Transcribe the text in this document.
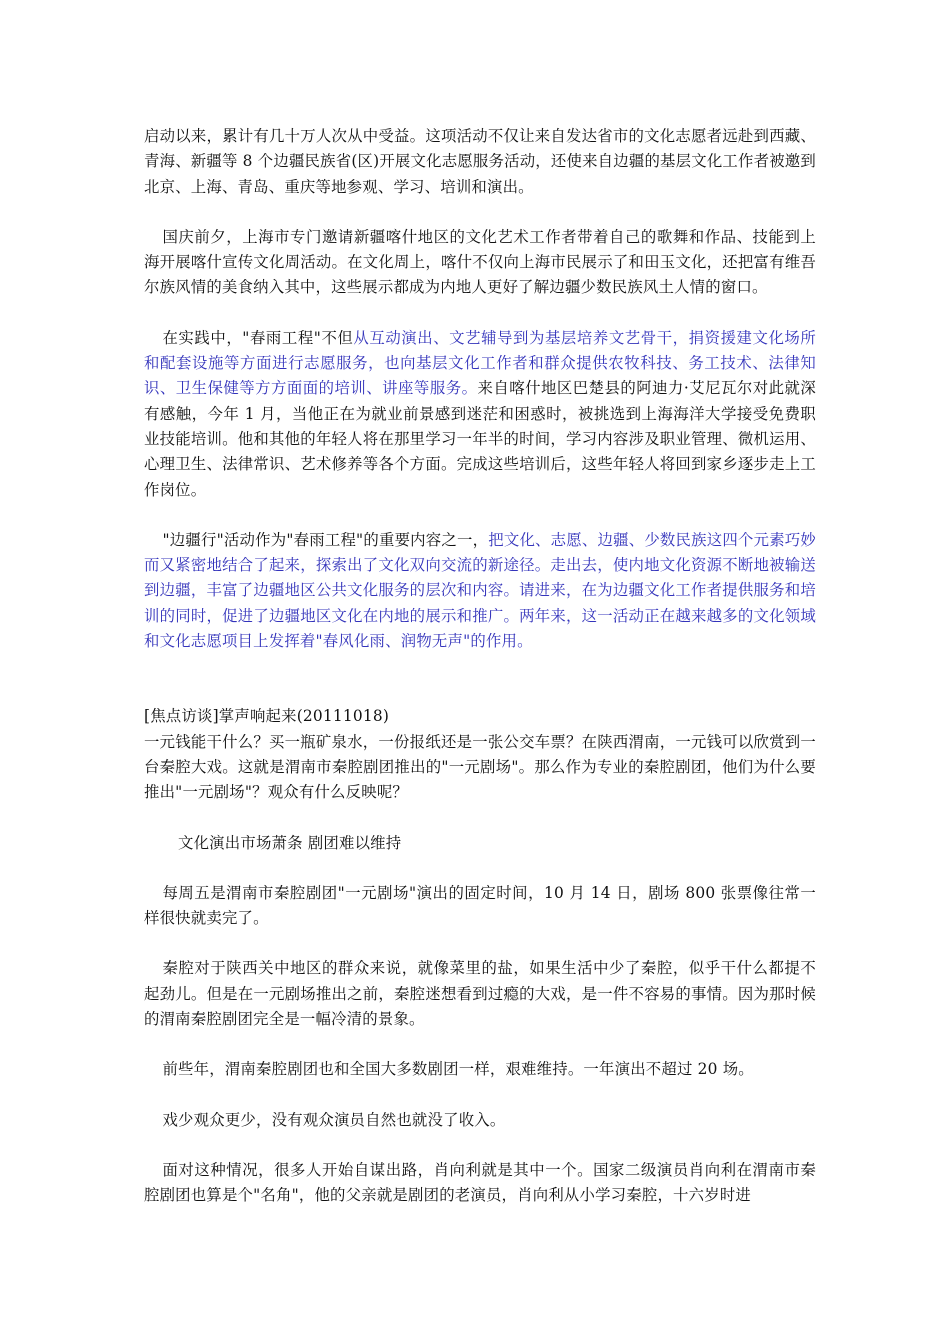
启动以来，累计有几十万人次从中受益。这项活动不仅让来自发达省市的文化志愿者远赴到西藏、青海、新疆等 8 个边疆民族省(区)开展文化志愿服务活动，还使来自边疆的基层文化工作者被邀到北京、上海、青岛、重庆等地参观、学习、培训和演出。

国庆前夕，上海市专门邀请新疆喀什地区的文化艺术工作者带着自己的歌舞和作品、技能到上海开展喀什宣传文化周活动。在文化周上，喀什不仅向上海市民展示了和田玉文化，还把富有维吾尔族风情的美食纳入其中，这些展示都成为内地人更好了解边疆少数民族风土人情的窗口。

在实践中，"春雨工程"不但从互动演出、文艺辅导到为基层培养文艺骨干，捐资援建文化场所和配套设施等方面进行志愿服务，也向基层文化工作者和群众提供农牧科技、务工技术、法律知识、卫生保健等方方面面的培训、讲座等服务。来自喀什地区巴楚县的阿迪力·艾尼瓦尔对此就深有感触，今年 1 月，当他正在为就业前景感到迷茫和困惑时，被挑选到上海海洋大学接受免费职业技能培训。他和其他的年轻人将在那里学习一年半的时间，学习内容涉及职业管理、微机运用、心理卫生、法律常识、艺术修养等各个方面。完成这些培训后，这些年轻人将回到家乡逐步走上工作岗位。

"边疆行"活动作为"春雨工程"的重要内容之一，把文化、志愿、边疆、少数民族这四个元素巧妙而又紧密地结合了起来，探索出了文化双向交流的新途径。走出去，使内地文化资源不断地被输送到边疆，丰富了边疆地区公共文化服务的层次和内容。请进来，在为边疆文化工作者提供服务和培训的同时，促进了边疆地区文化在内地的展示和推广。两年来，这一活动正在越来越多的文化领域和文化志愿项目上发挥着"春风化雨、润物无声"的作用。

[焦点访谈]掌声响起来(20111018)

一元钱能干什么？买一瓶矿泉水，一份报纸还是一张公交车票？在陕西渭南，一元钱可以欣赏到一台秦腔大戏。这就是渭南市秦腔剧团推出的"一元剧场"。那么作为专业的秦腔剧团，他们为什么要推出"一元剧场"？观众有什么反映呢？

文化演出市场萧条 剧团难以维持

每周五是渭南市秦腔剧团"一元剧场"演出的固定时间，10 月 14 日，剧场 800 张票像往常一样很快就卖完了。

秦腔对于陕西关中地区的群众来说，就像菜里的盐，如果生活中少了秦腔，似乎干什么都提不起劲儿。但是在一元剧场推出之前，秦腔迷想看到过瘾的大戏，是一件不容易的事情。因为那时候的渭南秦腔剧团完全是一幅冷清的景象。

前些年，渭南秦腔剧团也和全国大多数剧团一样，艰难维持。一年演出不超过 20 场。

戏少观众更少，没有观众演员自然也就没了收入。

面对这种情况，很多人开始自谋出路，肖向利就是其中一个。国家二级演员肖向利在渭南市秦腔剧团也算是个"名角"，他的父亲就是剧团的老演员，肖向利从小学习秦腔，十六岁时进
